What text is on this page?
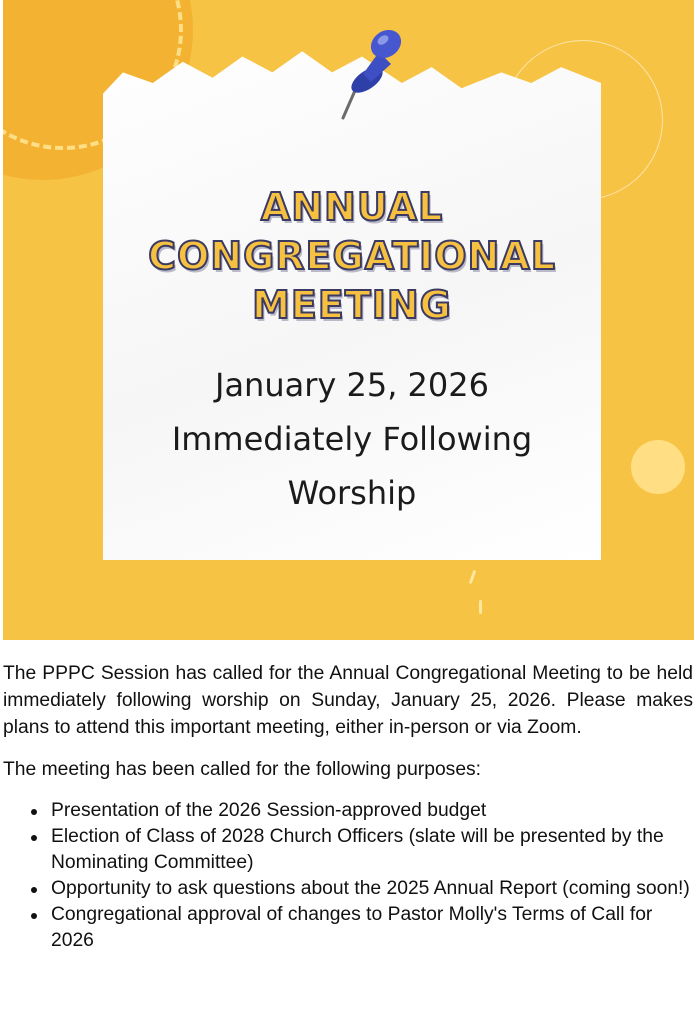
ANNUAL
CONGREGATIONAL
MEETING
January 25, 2026
Immediately Following
Worship

The PPPC Session has called for the Annual Congregational Meeting to be held immediately following worship on Sunday, January 25, 2026. Please makes plans to attend this important meeting, either in-person or via Zoom.

The meeting has been called for the following purposes:

Presentation of the 2026 Session-approved budget
Election of Class of 2028 Church Officers (slate will be presented by the Nominating Committee)
Opportunity to ask questions about the 2025 Annual Report (coming soon!)
Congregational approval of changes to Pastor Molly's Terms of Call for 2026
